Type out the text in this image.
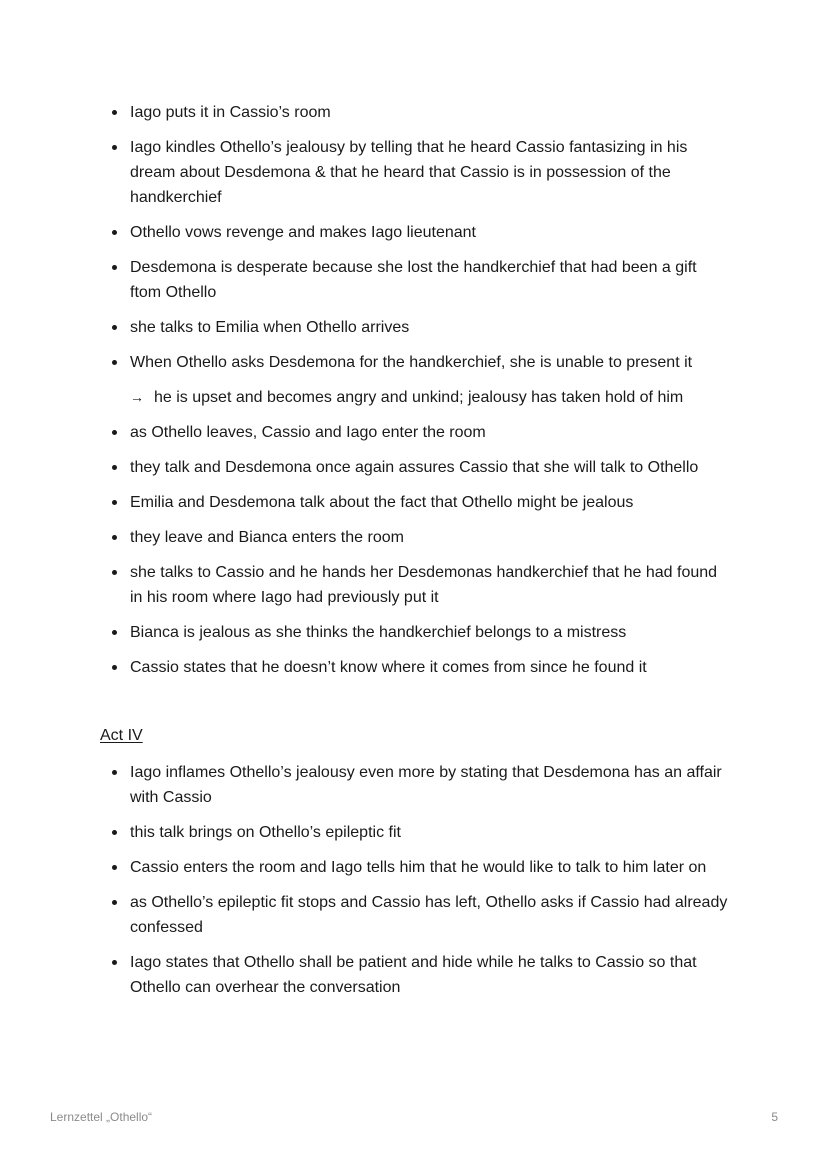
Iago puts it in Cassio’s room
Iago kindles Othello’s jealousy by telling that he heard Cassio fantasizing in his dream about Desdemona & that he heard that Cassio is in possession of the handkerchief
Othello vows revenge and makes Iago lieutenant
Desdemona is desperate because she lost the handkerchief that had been a gift ftom Othello
she talks to Emilia when Othello arrives
When Othello asks Desdemona for the handkerchief, she is unable to present it
→ he is upset and becomes angry and unkind; jealousy has taken hold of him
as Othello leaves, Cassio and Iago enter the room
they talk and Desdemona once again assures Cassio that she will talk to Othello
Emilia and Desdemona talk about the fact that Othello might be jealous
they leave and Bianca enters the room
she talks to Cassio and he hands her Desdemonas handkerchief that he had found in his room where Iago had previously put it
Bianca is jealous as she thinks the handkerchief belongs to a mistress
Cassio states that he doesn’t know where it comes from since he found it
Act IV
Iago inflames Othello’s jealousy even more by stating that Desdemona has an affair with Cassio
this talk brings on Othello’s epileptic fit
Cassio enters the room and Iago tells him that he would like to talk to him later on
as Othello’s epileptic fit stops and Cassio has left, Othello asks if Cassio had already confessed
Iago states that Othello shall be patient and hide while he talks to Cassio so that Othello can overhear the conversation
Lernzettel „Othello“	5
